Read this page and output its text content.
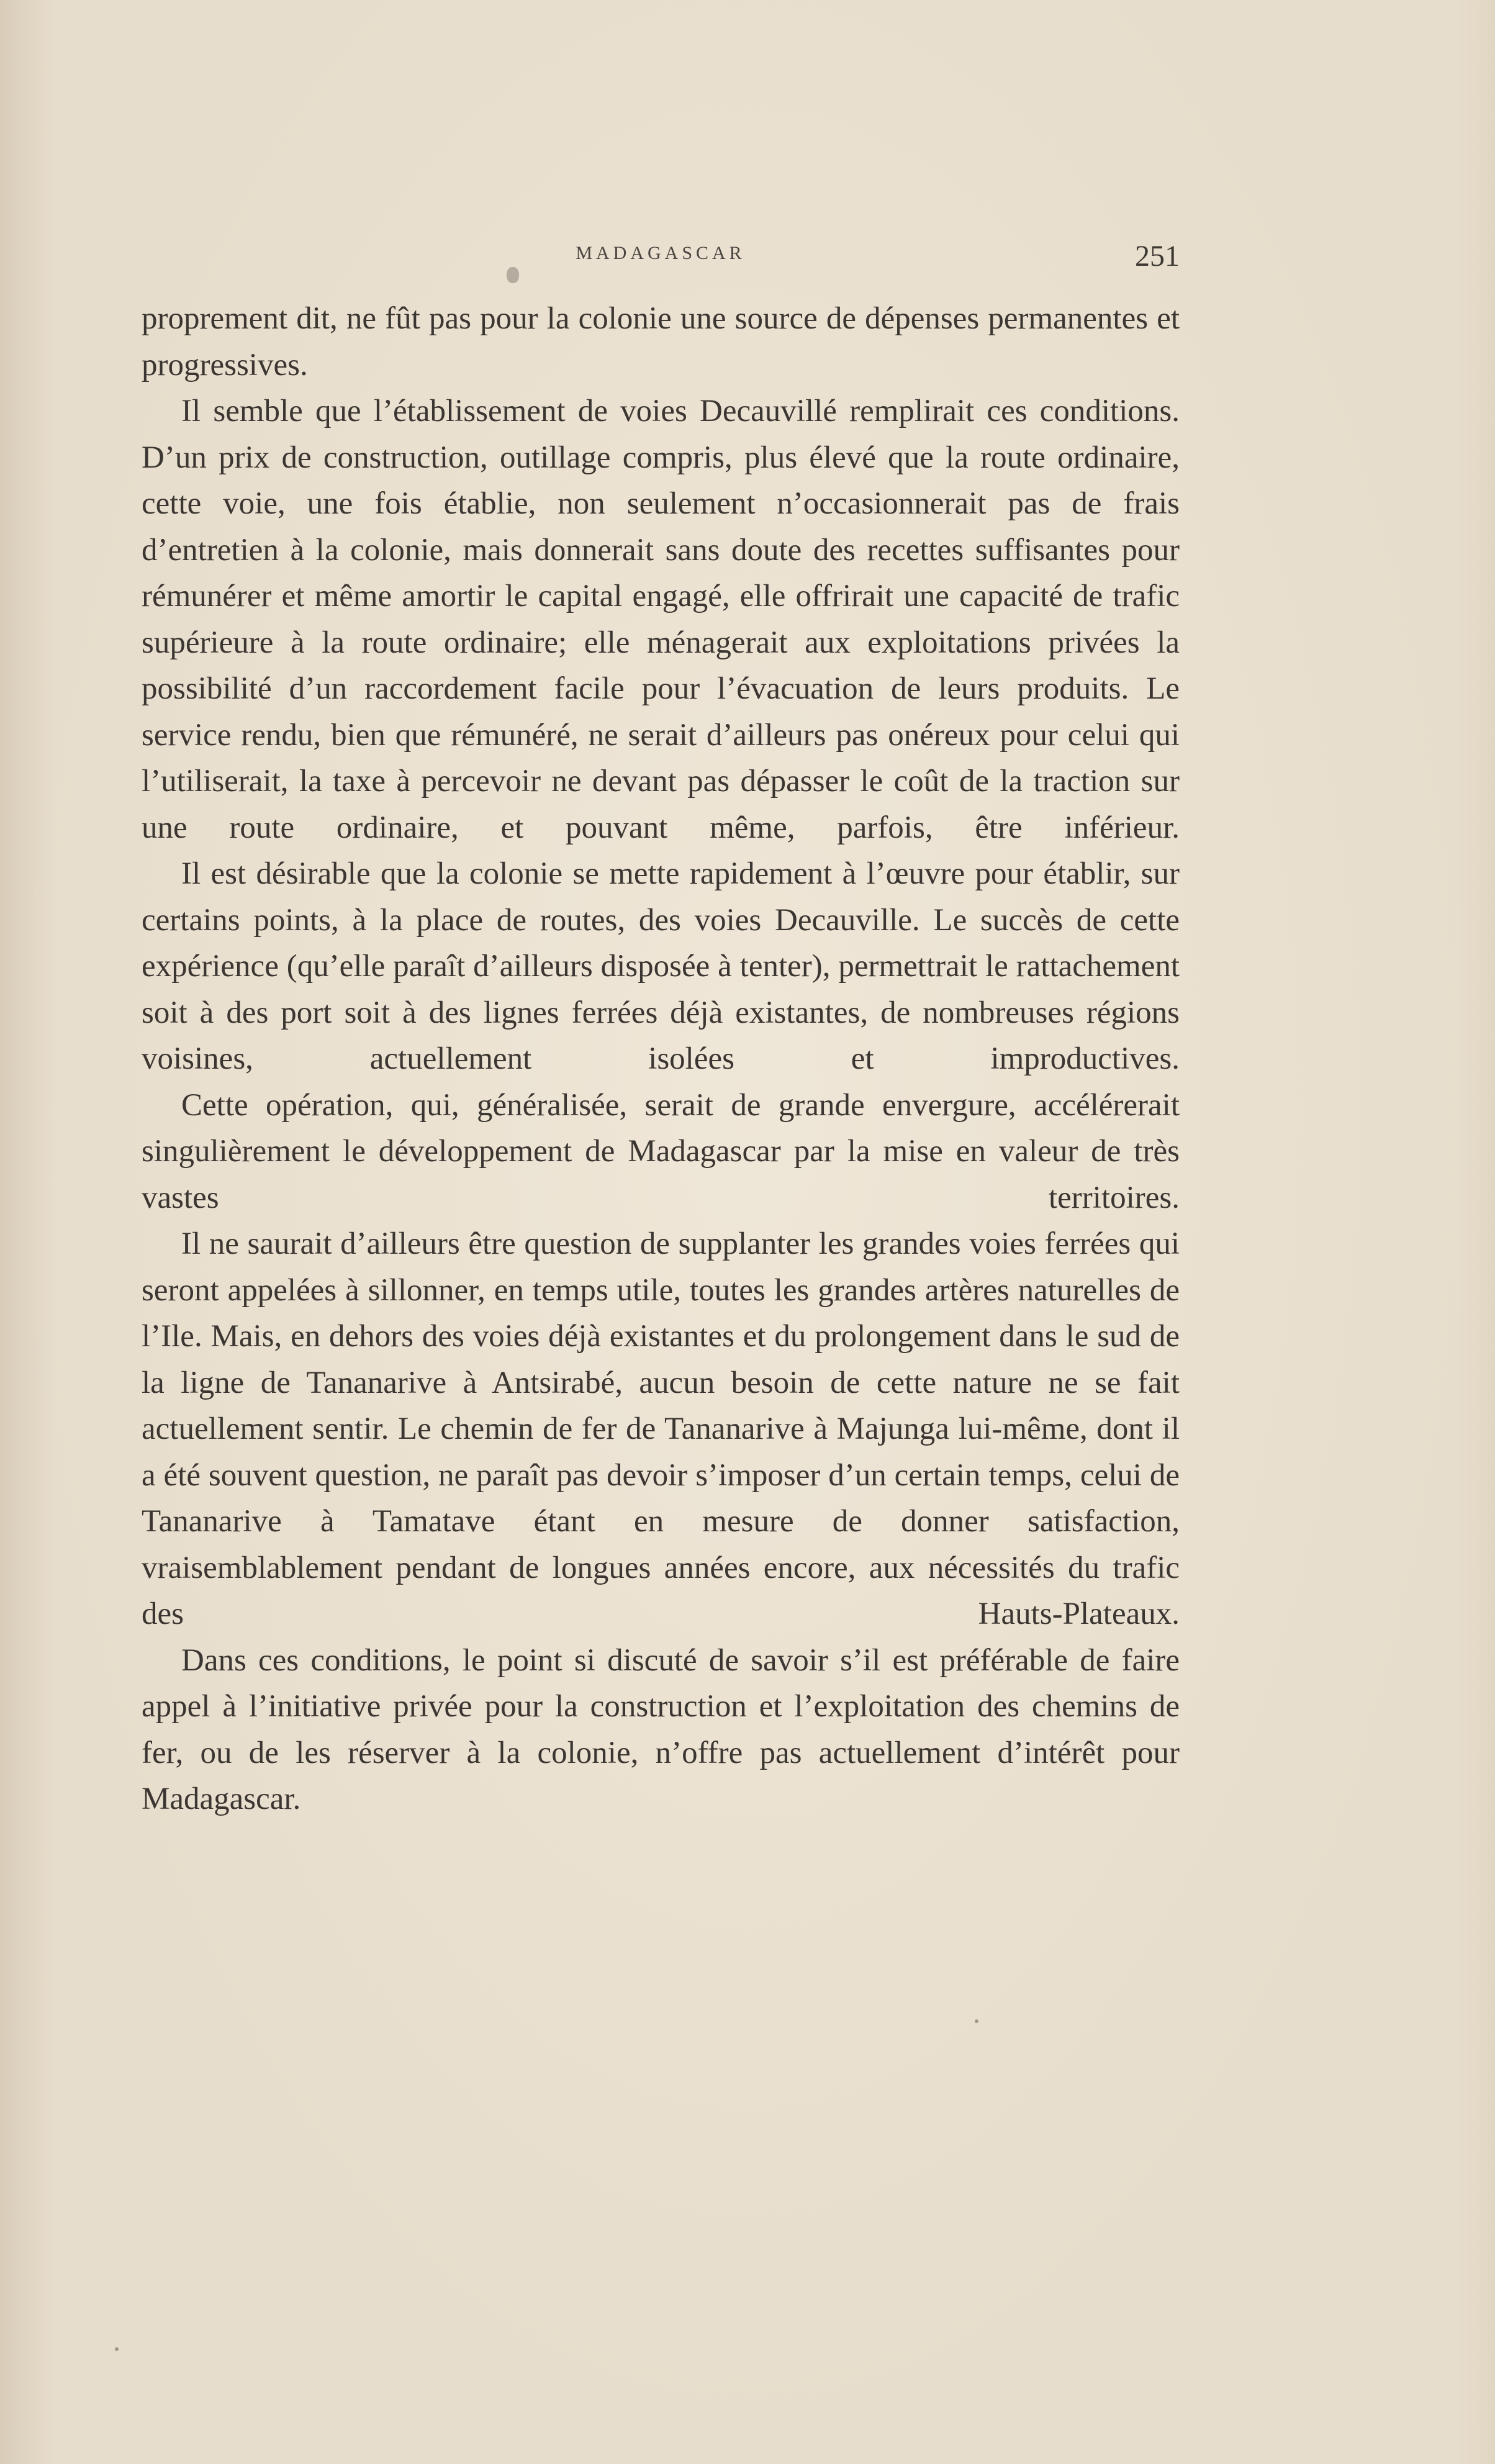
MADAGASCAR	251

proprement dit, ne fût pas pour la colonie une source de dépenses permanentes et progressives.

Il semble que l’établissement de voies Decauvillé remplirait ces conditions. D’un prix de construction, outillage compris, plus élevé que la route ordinaire, cette voie, une fois établie, non seulement n’occasionnerait pas de frais d’entretien à la colonie, mais donnerait sans doute des recettes suffisantes pour rémunérer et même amortir le capital engagé, elle offrirait une capacité de trafic supérieure à la route ordinaire; elle ménagerait aux exploitations privées la possibilité d’un raccordement facile pour l’évacuation de leurs produits. Le service rendu, bien que rémunéré, ne serait d’ailleurs pas onéreux pour celui qui l’utiliserait, la taxe à percevoir ne devant pas dépasser le coût de la traction sur une route ordinaire, et pouvant même, parfois, être inférieur.

Il est désirable que la colonie se mette rapidement à l’œuvre pour établir, sur certains points, à la place de routes, des voies Decauville. Le succès de cette expérience (qu’elle paraît d’ailleurs disposée à tenter), permettrait le rattachement soit à des port soit à des lignes ferrées déjà existantes, de nombreuses régions voisines, actuellement isolées et improductives.

Cette opération, qui, généralisée, serait de grande envergure, accélérerait singulièrement le développement de Madagascar par la mise en valeur de très vastes territoires.

Il ne saurait d’ailleurs être question de supplanter les grandes voies ferrées qui seront appelées à sillonner, en temps utile, toutes les grandes artères naturelles de l’Ile. Mais, en dehors des voies déjà existantes et du prolongement dans le sud de la ligne de Tananarive à Antsirabé, aucun besoin de cette nature ne se fait actuellement sentir. Le chemin de fer de Tananarive à Majunga lui-même, dont il a été souvent question, ne paraît pas devoir s’imposer d’un certain temps, celui de Tananarive à Tamatave étant en mesure de donner satisfaction, vraisemblablement pendant de longues années encore, aux nécessités du trafic des Hauts-Plateaux.

Dans ces conditions, le point si discuté de savoir s’il est préférable de faire appel à l’initiative privée pour la construction et l’exploitation des chemins de fer, ou de les réserver à la colonie, n’offre pas actuellement d’intérêt pour Madagascar.
